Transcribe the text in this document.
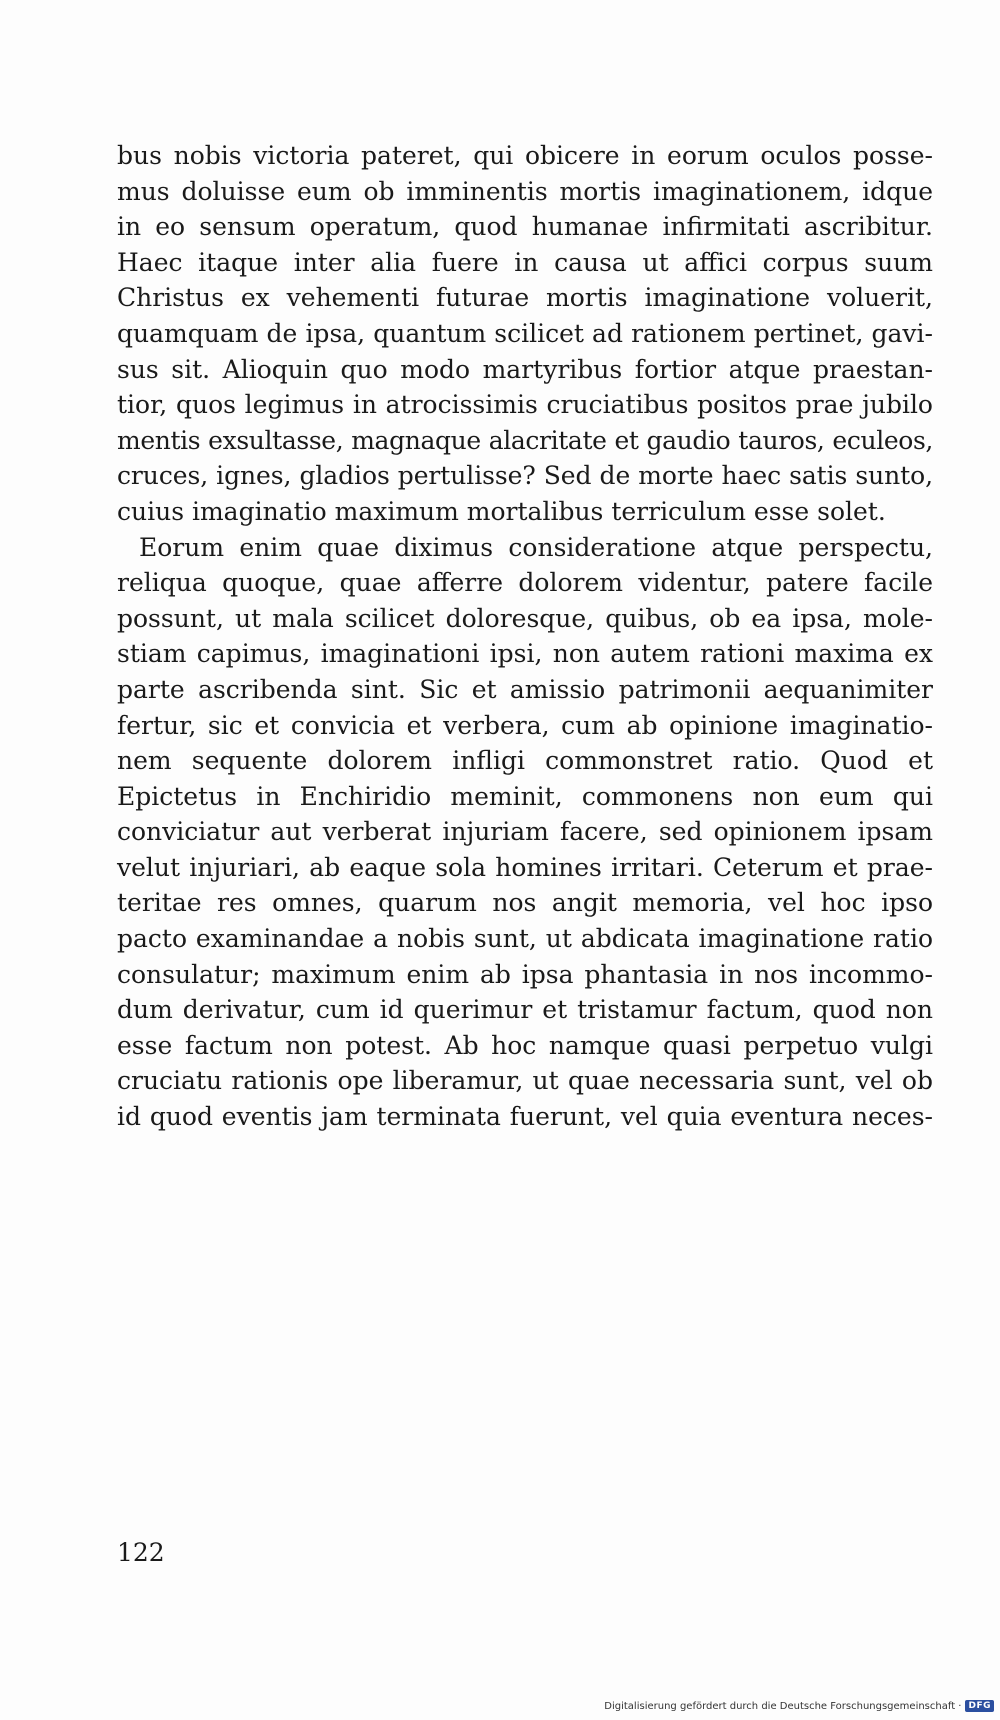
bus nobis victoria pateret, qui obicere in eorum oculos posse-
mus doluisse eum ob imminentis mortis imaginationem, idque
in eo sensum operatum, quod humanae infirmitati ascribitur.
Haec itaque inter alia fuere in causa ut affici corpus suum
Christus ex vehementi futurae mortis imaginatione voluerit,
quamquam de ipsa, quantum scilicet ad rationem pertinet, gavi-
sus sit. Alioquin quo modo martyribus fortior atque praestan-
tior, quos legimus in atrocissimis cruciatibus positos prae jubilo
mentis exsultasse, magnaque alacritate et gaudio tauros, eculeos,
cruces, ignes, gladios pertulisse? Sed de morte haec satis sunto,
cuius imaginatio maximum mortalibus terriculum esse solet.
Eorum enim quae diximus consideratione atque perspectu,
reliqua quoque, quae afferre dolorem videntur, patere facile
possunt, ut mala scilicet doloresque, quibus, ob ea ipsa, mole-
stiam capimus, imaginationi ipsi, non autem rationi maxima ex
parte ascribenda sint. Sic et amissio patrimonii aequanimiter
fertur, sic et convicia et verbera, cum ab opinione imaginatio-
nem sequente dolorem infligi commonstret ratio. Quod et
Epictetus in Enchiridio meminit, commonens non eum qui
conviciatur aut verberat injuriam facere, sed opinionem ipsam
velut injuriari, ab eaque sola homines irritari. Ceterum et prae-
teritae res omnes, quarum nos angit memoria, vel hoc ipso
pacto examinandae a nobis sunt, ut abdicata imaginatione ratio
consulatur; maximum enim ab ipsa phantasia in nos incommo-
dum derivatur, cum id querimur et tristamur factum, quod non
esse factum non potest. Ab hoc namque quasi perpetuo vulgi
cruciatu rationis ope liberamur, ut quae necessaria sunt, vel ob
id quod eventis jam terminata fuerunt, vel quia eventura neces-
122
Digitalisierung gefördert durch die Deutsche Forschungsgemeinschaft · DFG
